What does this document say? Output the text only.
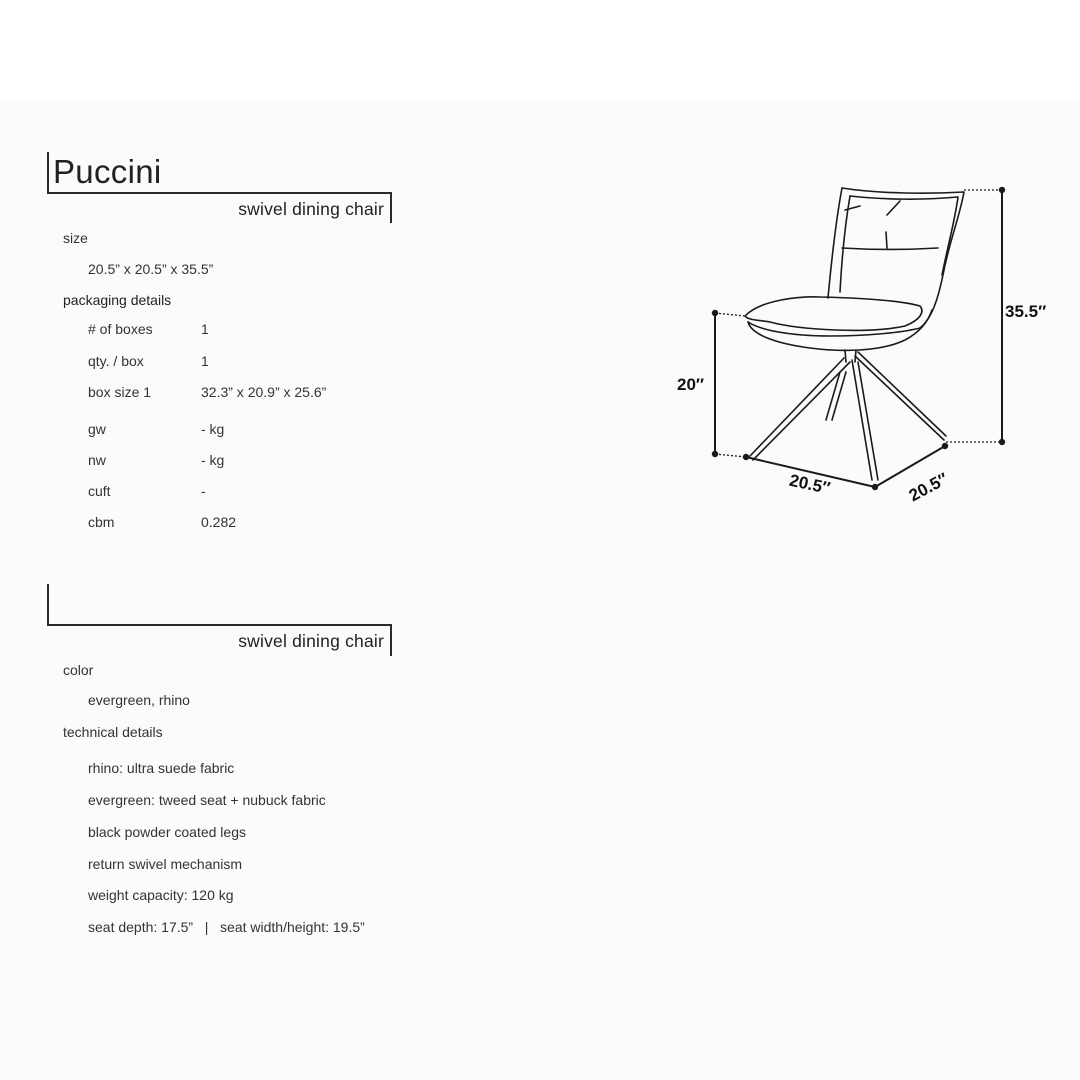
Puccini
swivel dining chair
size
20.5” x 20.5” x 35.5”
packaging details
# of boxes	1
qty. / box	1
box size 1	32.3” x 20.9” x 25.6”
gw	- kg
nw	- kg
cuft	-
cbm	0.282
swivel dining chair
color
evergreen, rhino
technical details
rhino: ultra suede fabric
evergreen: tweed seat + nubuck fabric
black powder coated legs
return swivel mechanism
weight capacity: 120 kg
seat depth: 17.5”   |   seat width/height: 19.5”
35.5″
20″
20.5″	20.5″
